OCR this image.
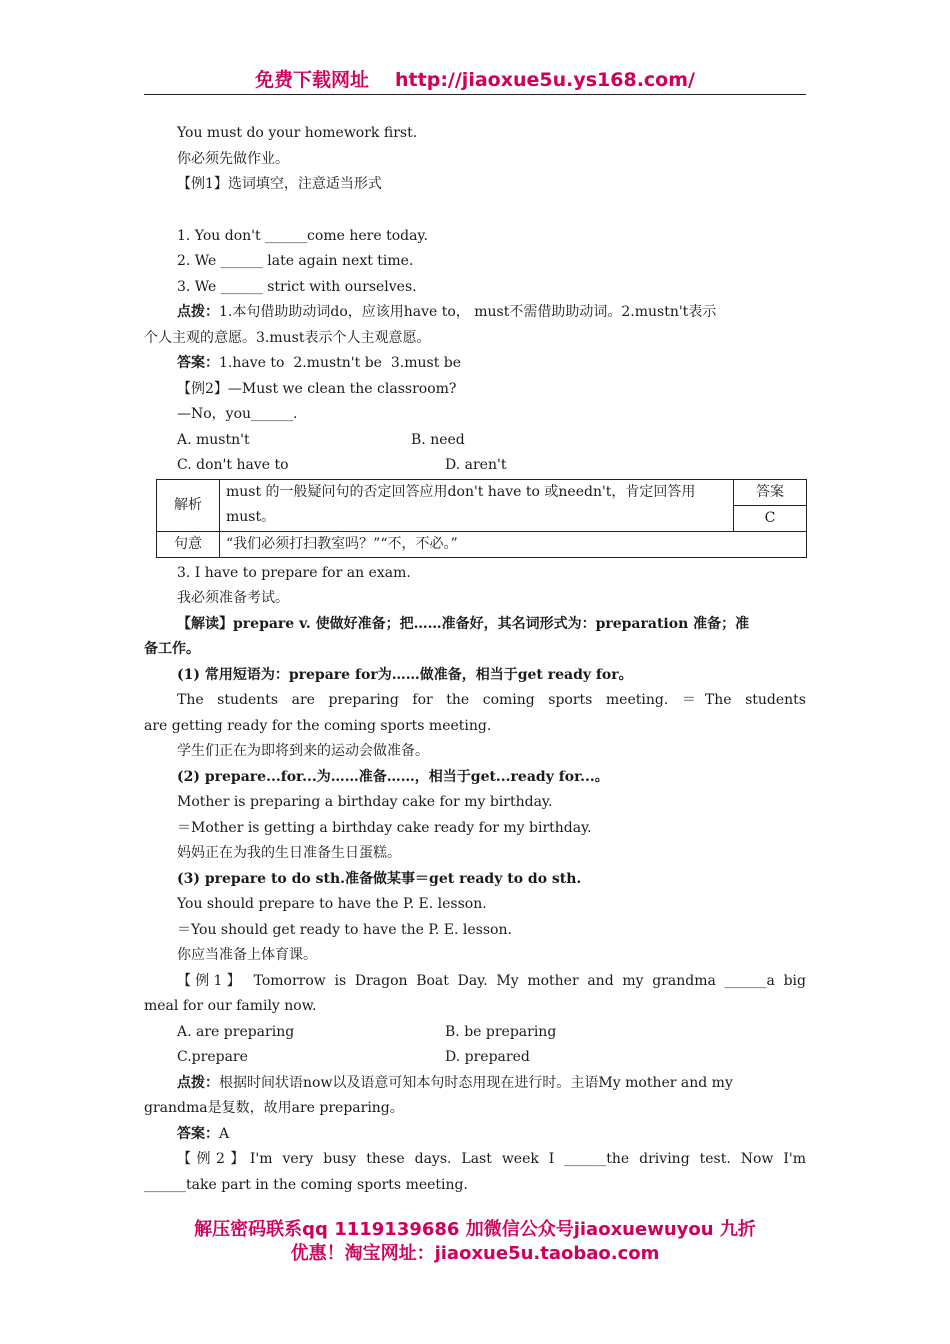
免费下载网址 http://jiaoxue5u.ys168.com/
You must do your homework first.
你必须先做作业。
【例1】选词填空，注意适当形式
1. You don't ______come here today.
2. We ______ late again next time.
3. We ______ strict with ourselves.
点拨：1.本句借助助动词do，应该用have to， must不需借助助动词。2.mustn't表示
个人主观的意愿。3.must表示个人主观意愿。
答案：1.have to  2.mustn't be  3.must be
【例2】—Must we clean the classroom?
—No，you______.
A. mustn't	B. need
C. don't have to	D. aren't
解析	must 的一般疑问句的否定回答应用don't have to 或needn't，肯定回答用 must。	答案
		C
句意	“我们必须打扫教室吗？”“不，不必。”	
3. I have to prepare for an exam.
我必须准备考试。
【解读】prepare v. 使做好准备；把……准备好，其名词形式为：preparation 准备；准
备工作。
(1) 常用短语为：prepare for为……做准备，相当于get ready for。
The students are preparing for the coming sports meeting. ＝The students
are getting ready for the coming sports meeting.
学生们正在为即将到来的运动会做准备。
(2) prepare...for...为……准备……，相当于get...ready for...。
Mother is preparing a birthday cake for my birthday.
＝Mother is getting a birthday cake ready for my birthday.
妈妈正在为我的生日准备生日蛋糕。
(3) prepare to do sth.准备做某事＝get ready to do sth.
You should prepare to have the P. E. lesson.
＝You should get ready to have the P. E. lesson.
你应当准备上体育课。
【例1】 Tomorrow is Dragon Boat Day. My mother and my grandma ______a big
meal for our family now.
A. are preparing	B. be preparing
C.prepare	D. prepared
点拨：根据时间状语now以及语意可知本句时态用现在进行时。主语My mother and my
grandma是复数，故用are preparing。
答案：A
【例2】I'm very busy these days. Last week I ______the driving test. Now I'm
______take part in the coming sports meeting.
解压密码联系qq 1119139686 加微信公众号jiaoxuewuyou 九折
优惠！淘宝网址：jiaoxue5u.taobao.com
